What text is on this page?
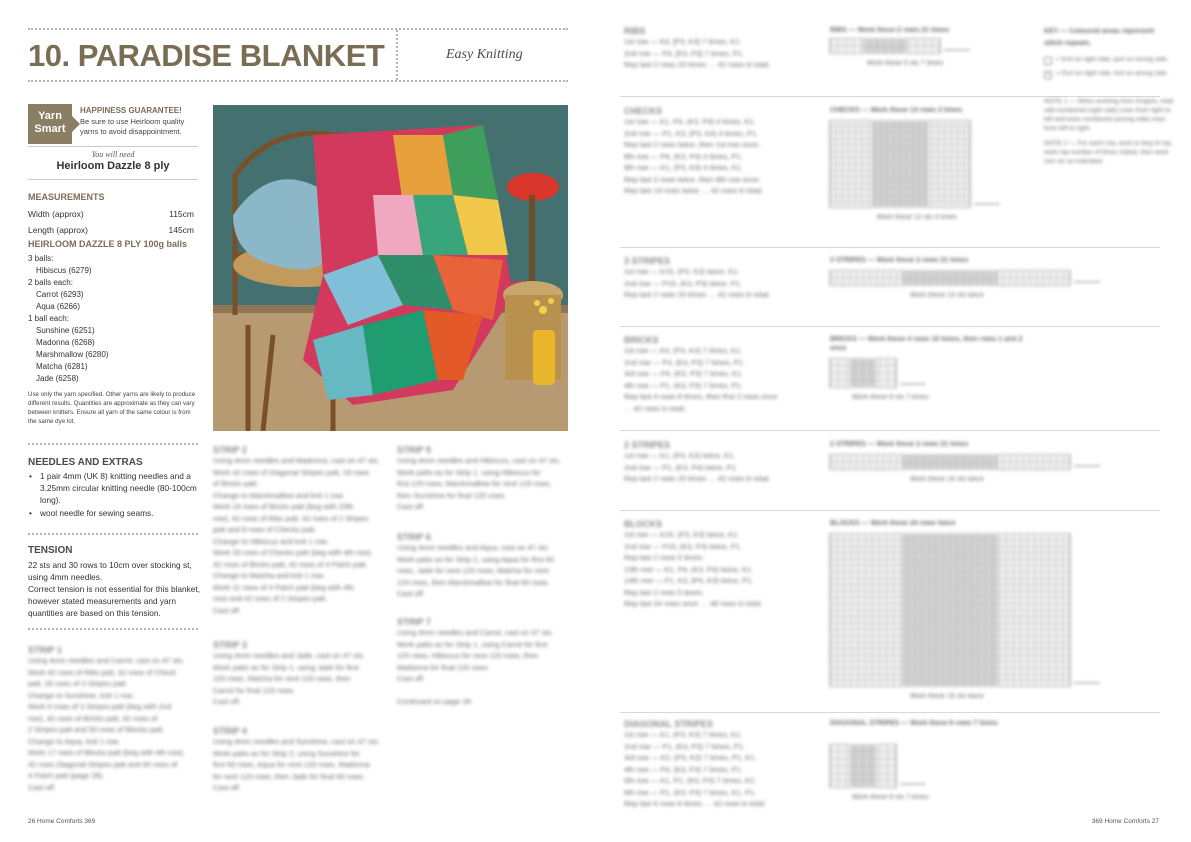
10. PARADISE BLANKET	Easy Knitting
Yarn Smart
HAPPINESS GUARANTEE!
Be sure to use Heirloom quality yarns to avoid disappointment.
You will need
Heirloom Dazzle 8 ply
MEASUREMENTS
Width (approx)	115cm
Length (approx)	145cm
HEIRLOOM DAZZLE 8 PLY 100g balls
3 balls:
Hibiscus (6279)
2 balls each:
Carrot (6293)
Aqua (6266)
1 ball each:
Sunshine (6251)
Madonna (6268)
Marshmallow (6280)
Matcha (6281)
Jade (6258)
Use only the yarn specified. Other yarns are likely to produce different results. Quantities are approximate as they can vary between knitters. Ensure all yarn of the same colour is from the same dye lot.
NEEDLES AND EXTRAS
• 1 pair 4mm (UK 8) knitting needles and a 3.25mm circular knitting needle (80-100cm long).
• wool needle for sewing seams.
TENSION
22 sts and 30 rows to 10cm over stocking st, using 4mm needles.
Correct tension is not essential for this blanket, however stated measurements and yarn quantities are based on this tension.
STRIP 1
Using 4mm needles and Carrot, cast on 47 sts.
Work 42 rows of Ribs patt, 42 rows of Check
patt, 26 rows of 3 Stripes patt.
Change to Sunshine, knit 1 row.
Work 5 rows of 3 Stripes patt (beg with 2nd
row), 42 rows of Bricks patt, 42 rows of
2 Stripes patt and 50 rows of Blocks patt.
Change to Aqua, knit 1 row.
Work 17 rows of Blocks patt (beg with 4th row),
42 rows Diagonal Stripes patt and 60 rows of
4 Patch patt (page 28).
Cast off.
STRIP 2
Using 4mm needles and Madonna, cast on 47 sts.
Work 42 rows of Diagonal Stripes patt, 18 rows
of Bricks patt.
Change to Marshmallow and knit 1 row.
Work 24 rows of Bricks patt (beg with 20th
row), 42 rows of Ribs patt, 42 rows of 2 Stripes
patt and 8 rows of Checks patt.
Change to Hibiscus and knit 1 row.
Work 33 rows of Checks patt (beg with 4th row),
42 rows of Bricks patt, 42 rows of 4 Patch patt.
Change to Matcha and knit 1 row.
Work 11 rows of 4 Patch patt (beg with 4th
row) and 42 rows of 2 Stripes patt.
Cast off.
STRIP 3
Using 4mm needles and Jade, cast on 47 sts.
Work patts as for Strip 1, using Jade for first
120 rows, Matcha for next 120 rows, then
Carrot for final 120 rows.
Cast off.
STRIP 4
Using 4mm needles and Sunshine, cast on 47 sts.
Work patts as for Strip 2, using Sunshine for
first 60 rows, Aqua for next 120 rows, Madonna
for next 120 rows, then Jade for final 60 rows.
Cast off.
STRIP 5
Using 4mm needles and Hibiscus, cast on 47 sts.
Work patts as for Strip 1, using Hibiscus for
first 120 rows, Marshmallow for next 120 rows,
then Sunshine for final 120 rows.
Cast off.
STRIP 6
Using 4mm needles and Aqua, cast on 47 sts.
Work patts as for Strip 2, using Aqua for first 60
rows, Jade for next 120 rows, Matcha for next
120 rows, then Marshmallow for final 60 rows.
Cast off.
STRIP 7
Using 4mm needles and Carrot, cast on 47 sts.
Work patts as for Strip 1, using Carrot for first
120 rows, Hibiscus for next 120 rows, then
Madonna for final 120 rows.
Cast off.

Continued on page 28
26 Home Comforts 369
RIBS
1st row — K4, [P3, K3] 7 times, K1.
2nd row — P4, [K3, P3] 7 times, P1.
Rep last 2 rows 20 times … 42 rows in total.
RIBS — Work these 2 rows 21 times
Work these 6 sts 7 times
CHECKS
1st row — K1, P4, (K3, P4) 4 times, K1.
2nd row — P1, K3, (P3, K4) 4 times, P1.
Rep last 2 rows twice, then 1st row once.
8th row — P4, (K3, P4) 4 times, P1.
9th row — K1, (P3, K4) 4 times, K1.
Rep last 2 rows twice, then 8th row once.
Rep last 14 rows twice … 42 rows in total.
CHECKS — Work these 14 rows 3 times
Work these 12 sts 4 times
3 STRIPES
1st row — K15, (P3, K3) twice, K1.
2nd row — P15, (K3, P3) twice, P1.
Rep last 2 rows 20 times … 42 rows in total.
3 STRIPES — Work these 2 rows 21 times
Work these 14 sts twice
BRICKS
1st row — K4, (P3, K3) 7 times, K1.
2nd row — P4, (K3, P3) 7 times, P1.
3rd row — P4, (K3, P3) 7 times, K1.
4th row — P1, (K3, P3) 7 times, P1.
Rep last 4 rows 9 times, then first 2 rows once
… 42 rows in total.
BRICKS — Work these 4 rows 10 times, then rows 1 and 2 once
Work these 6 sts 7 times
2 STRIPES
1st row — K1, (P4, K3) twice, K1.
2nd row — P1, (K3, P4) twice, P1.
Rep last 2 rows 20 times … 42 rows in total.
2 STRIPES — Work these 2 rows 21 times
Work these 16 sts twice
BLOCKS
1st row — K15, (P3, K3) twice, K1.
2nd row — P15, (K3, P3) twice, P1.
Rep last 2 rows 5 times.
13th row — K1, P4, (K3, P4) twice, K1.
14th row — P1, K3, (P4, K3) twice, P1.
Rep last 2 rows 5 times.
Rep last 24 rows once … 48 rows in total.
BLOCKS — Work these 24 rows twice
Work these 16 sts twice
DIAGONAL STRIPES
1st row — K1, (P3, K3) 7 times, K1.
2nd row — P1, (K3, P3) 7 times, P1.
3rd row — K2, (P3, K3) 7 times, P1, K1.
4th row — P4, (K3, P3) 7 times, P1.
5th row — K1, P1, (K3, P3) 7 times, K2.
6th row — P1, (K3, P3) 7 times, K1, P1.
Rep last 6 rows 6 times … 42 rows in total.
DIAGONAL STRIPES — Work these 6 rows 7 times
Work these 6 sts 7 times
KEY — Coloured areas represent stitch repeats.
= Knit on right side, purl on wrong side.
•	= Purl on right side, knit on wrong side.
NOTE 1 — When working from Graphs, read odd numbered (right side) rows from right to left and even numbered (wrong side) rows from left to right.
NOTE 2 — For each row, work to beg of rep, work rep number of times stated, then work rem sts as indicated.
369 Home Comforts 27
